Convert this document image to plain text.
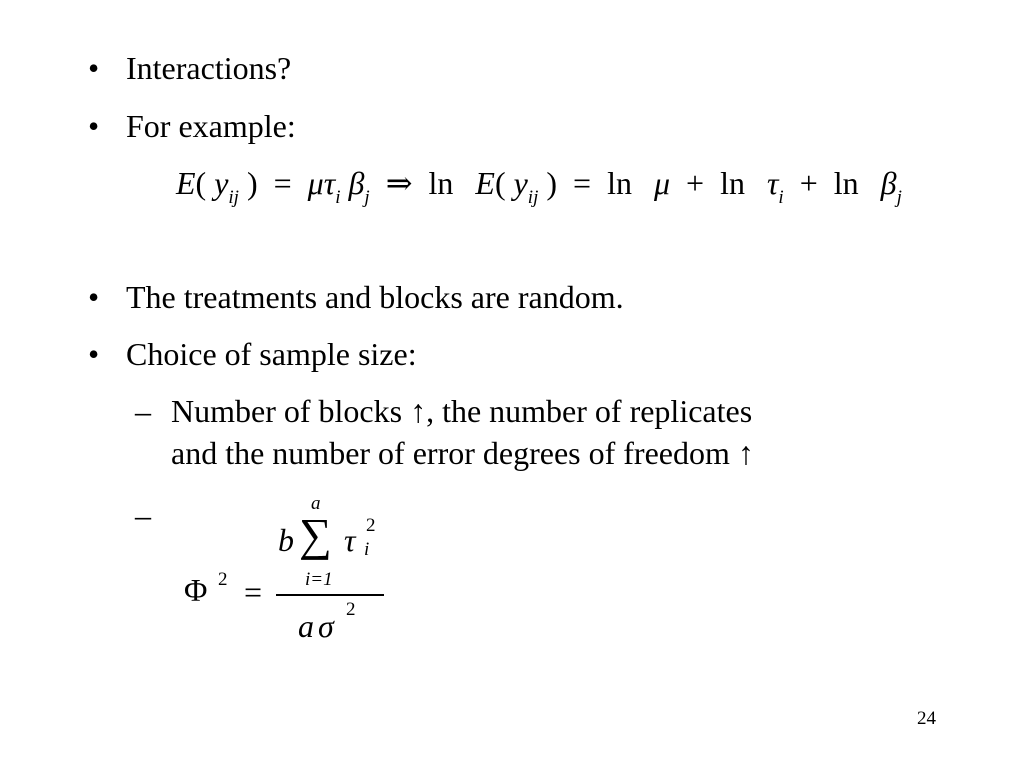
• Interactions?
• For example:
E( $y_{ij}$ ) = $\mu\tau_i$ $\beta_j$ ⇒ ln E( $y_{ij}$ ) = $\ln \mu + \ln \tau_i + \ln \beta_j$
• The treatments and blocks are random.
• Choice of sample size:
– Number of blocks ↑, the number of replicates
and the number of error degrees of freedom ↑
–
Φ 2 =
a
b ∑ τ 2
i
i=1
a σ 2
24
